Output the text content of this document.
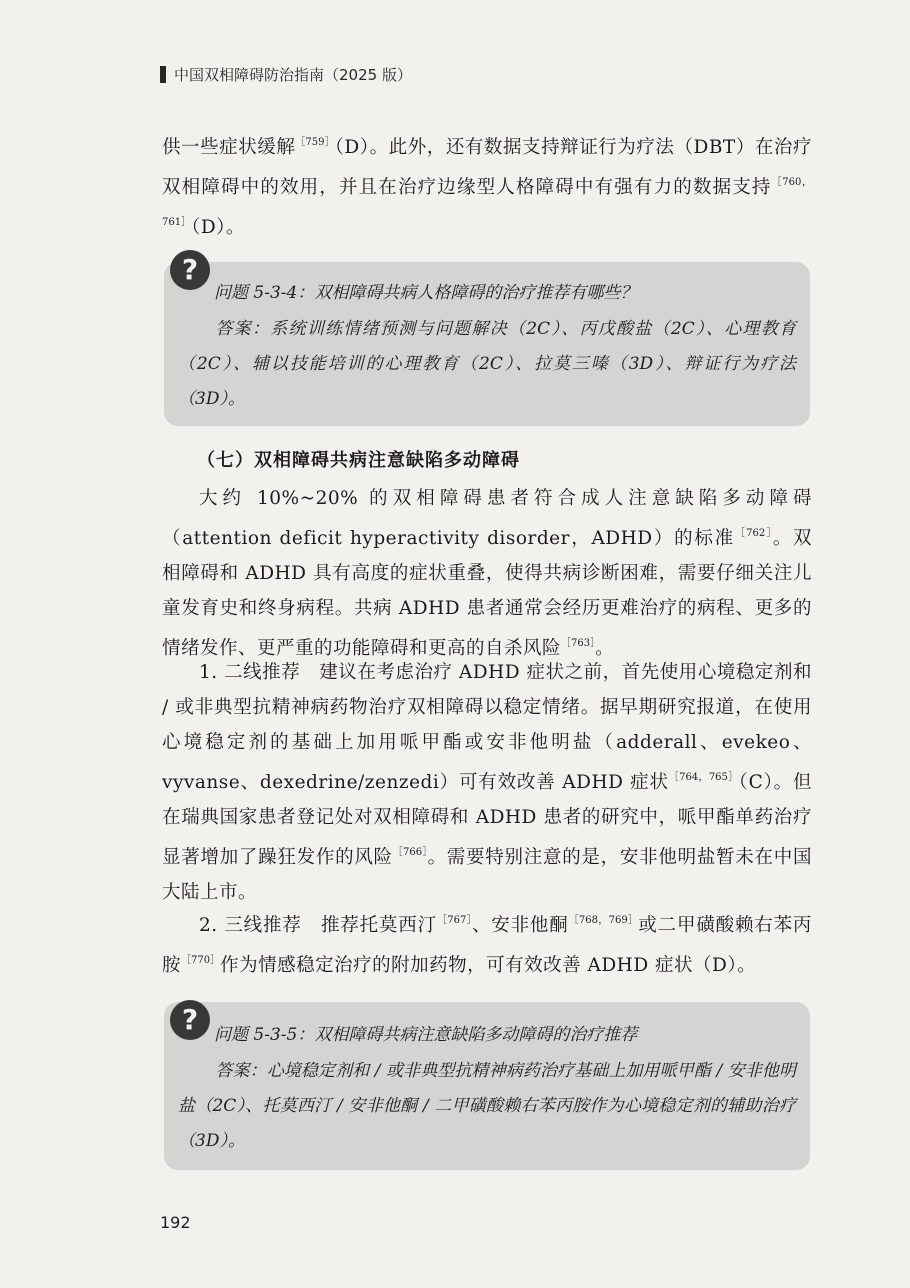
中国双相障碍防治指南（2025 版）
供一些症状缓解$^{[759]}$（D）。此外，还有数据支持辩证行为疗法（DBT）在治疗双相障碍中的效用，并且在治疗边缘型人格障碍中有强有力的数据支持$^{[760,761]}$（D）。
?
问题 5-3-4：双相障碍共病人格障碍的治疗推荐有哪些？
答案：系统训练情绪预测与问题解决（2C）、丙戊酸盐（2C）、心理教育（2C）、辅以技能培训的心理教育（2C）、拉莫三嗪（3D）、辩证行为疗法（3D）。
（七）双相障碍共病注意缺陷多动障碍
大约 10%~20% 的双相障碍患者符合成人注意缺陷多动障碍（attention deficit hyperactivity disorder，ADHD）的标准$^{[762]}$。双相障碍和 ADHD 具有高度的症状重叠，使得共病诊断困难，需要仔细关注儿童发育史和终身病程。共病 ADHD 患者通常会经历更难治疗的病程、更多的情绪发作、更严重的功能障碍和更高的自杀风险$^{[763]}$。
1. 二线推荐　 建议在考虑治疗 ADHD 症状之前，首先使用心境稳定剂和 / 或非典型抗精神病药物治疗双相障碍以稳定情绪。据早期研究报道，在使用心境稳定剂的基础上加用哌甲酯或安非他明盐（adderall、evekeo、vyvanse、dexedrine/zenzedi）可有效改善 ADHD 症状$^{[764,765]}$（C）。但在瑞典国家患者登记处对双相障碍和 ADHD 患者的研究中，哌甲酯单药治疗显著增加了躁狂发作的风险$^{[766]}$。需要特别注意的是，安非他明盐暂未在中国大陆上市。
2. 三线推荐　 推荐托莫西汀$^{[767]}$、安非他酮$^{[768,769]}$或二甲磺酸赖右苯丙胺$^{[770]}$作为情感稳定治疗的附加药物，可有效改善 ADHD 症状（D）。
? 问题 5-3-5：双相障碍共病注意缺陷多动障碍的治疗推荐
答案：心境稳定剂和 / 或非典型抗精神病药治疗基础上加用哌甲酯 / 安非他明盐（2C）、托莫西汀 / 安非他酮 / 二甲磺酸赖右苯丙胺作为心境稳定剂的辅助治疗（3D）。
192
